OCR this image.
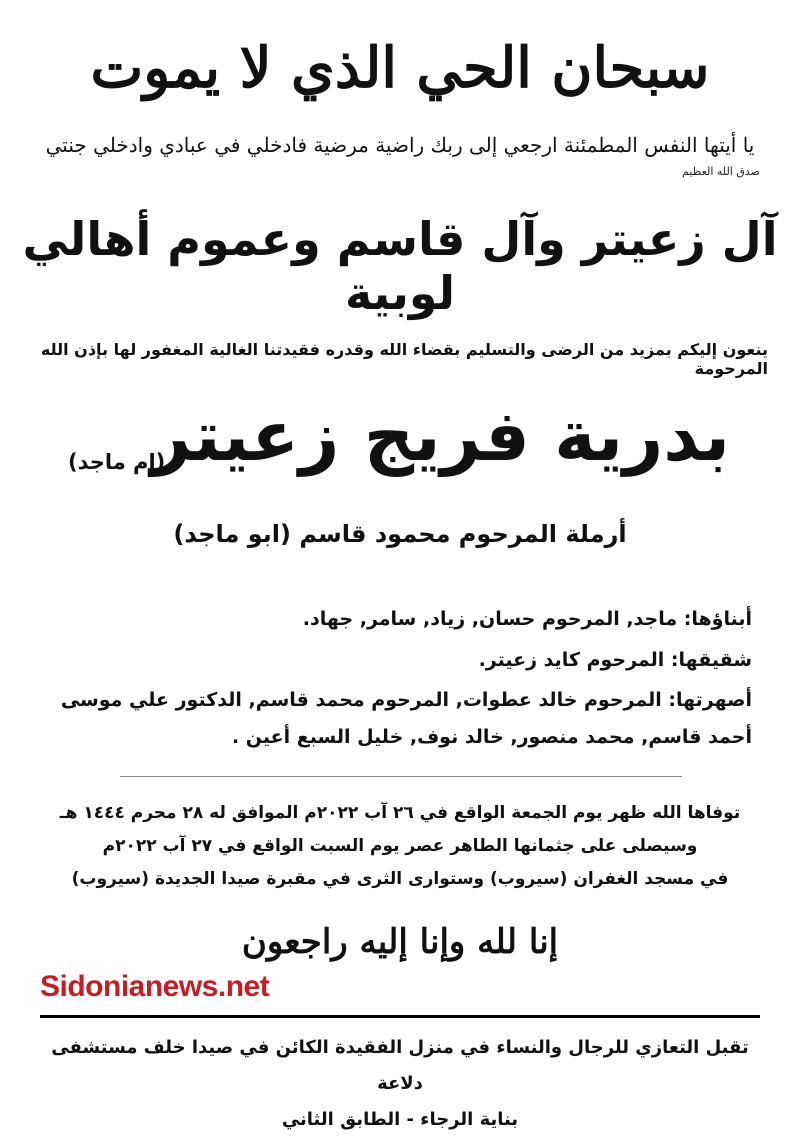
سبحان الحي الذي لا يموت
يا أيتها النفس المطمئنة ارجعي إلى ربك راضية مرضية فادخلي في عبادي وادخلي جنتي
صدق الله العظيم
آل زعيتر وآل قاسم وعموم أهالي لوبية
ينعون إليكم بمزيد من الرضى والتسليم بقضاء الله وقدره فقيدتنا الغالية المغفور لها بإذن الله المرحومة
بدرية فريج زعيتر
(ام ماجد)
أرملة المرحوم محمود قاسم (ابو ماجد)
أبناؤها: ماجد, المرحوم حسان, زياد, سامر, جهاد.
شقيقها: المرحوم كايد زعيتر.
أصهرتها: المرحوم خالد عطوات, المرحوم محمد قاسم, الدكتور علي موسى
أحمد قاسم, محمد منصور, خالد نوف, خليل السبع أعين .
توفاها الله ظهر يوم الجمعة الواقع في ٢٦ آب ٢٠٢٢م الموافق له ٢٨ محرم ١٤٤٤ هـ
وسيصلى على جثمانها الطاهر عصر يوم السبت الواقع في ٢٧ آب ٢٠٢٢م
في مسجد الغفران (سيروب) وستوارى الثرى في مقبرة صيدا الجديدة (سيروب)
إنا لله وإنا إليه راجعون
Sidonianews.net
تقبل التعازي للرجال والنساء في منزل الفقيدة الكائن في صيدا خلف مستشفى دلاعة
بناية الرجاء - الطابق الثاني
